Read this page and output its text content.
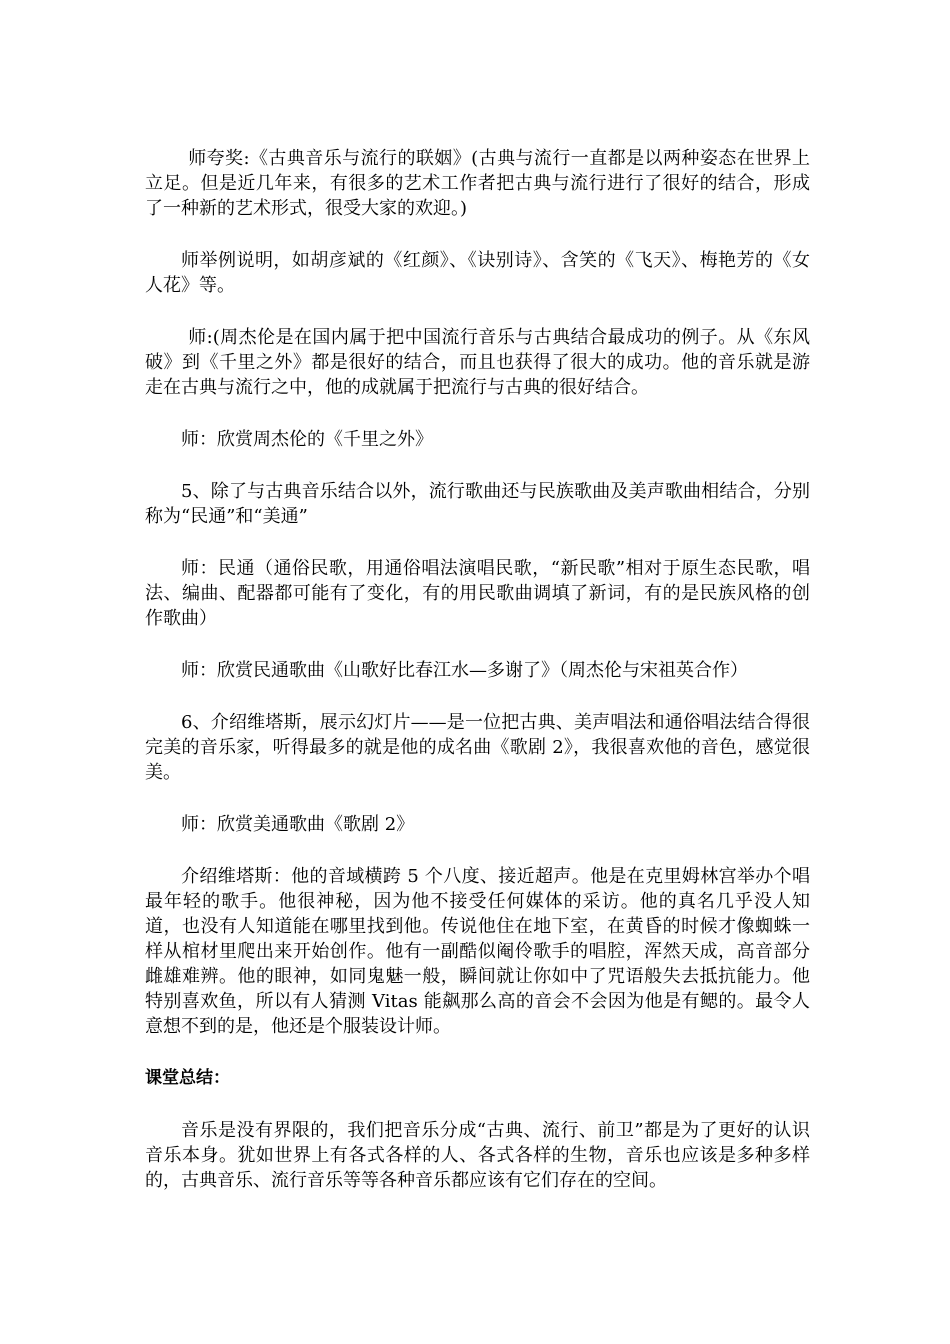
师夸奖:《古典音乐与流行的联姻》(古典与流行一直都是以两种姿态在世界上立足。但是近几年来，有很多的艺术工作者把古典与流行进行了很好的结合，形成了一种新的艺术形式，很受大家的欢迎。)

师举例说明，如胡彦斌的《红颜》、《诀别诗》、含笑的《飞天》、梅艳芳的《女人花》等。

师:(周杰伦是在国内属于把中国流行音乐与古典结合最成功的例子。从《东风破》到《千里之外》都是很好的结合，而且也获得了很大的成功。他的音乐就是游走在古典与流行之中，他的成就属于把流行与古典的很好结合。

师：欣赏周杰伦的《千里之外》

5、除了与古典音乐结合以外，流行歌曲还与民族歌曲及美声歌曲相结合，分别称为“民通”和“美通”

师：民通（通俗民歌，用通俗唱法演唱民歌，“新民歌”相对于原生态民歌，唱法、编曲、配器都可能有了变化，有的用民歌曲调填了新词，有的是民族风格的创作歌曲）

师：欣赏民通歌曲《山歌好比春江水—多谢了》（周杰伦与宋祖英合作）

6、介绍维塔斯，展示幻灯片——是一位把古典、美声唱法和通俗唱法结合得很完美的音乐家，听得最多的就是他的成名曲《歌剧 2》，我很喜欢他的音色，感觉很美。

师：欣赏美通歌曲《歌剧 2》

介绍维塔斯：他的音域横跨 5 个八度、接近超声。他是在克里姆林宫举办个唱最年轻的歌手。他很神秘，因为他不接受任何媒体的采访。他的真名几乎没人知道，也没有人知道能在哪里找到他。传说他住在地下室，在黄昏的时候才像蜘蛛一样从棺材里爬出来开始创作。他有一副酷似阉伶歌手的唱腔，浑然天成，高音部分雌雄难辨。他的眼神，如同鬼魅一般，瞬间就让你如中了咒语般失去抵抗能力。他特别喜欢鱼，所以有人猜测 Vitas 能飙那么高的音会不会因为他是有鳃的。最令人意想不到的是，他还是个服装设计师。

课堂总结：

音乐是没有界限的，我们把音乐分成“古典、流行、前卫”都是为了更好的认识音乐本身。犹如世界上有各式各样的人、各式各样的生物，音乐也应该是多种多样的，古典音乐、流行音乐等等各种音乐都应该有它们存在的空间。
